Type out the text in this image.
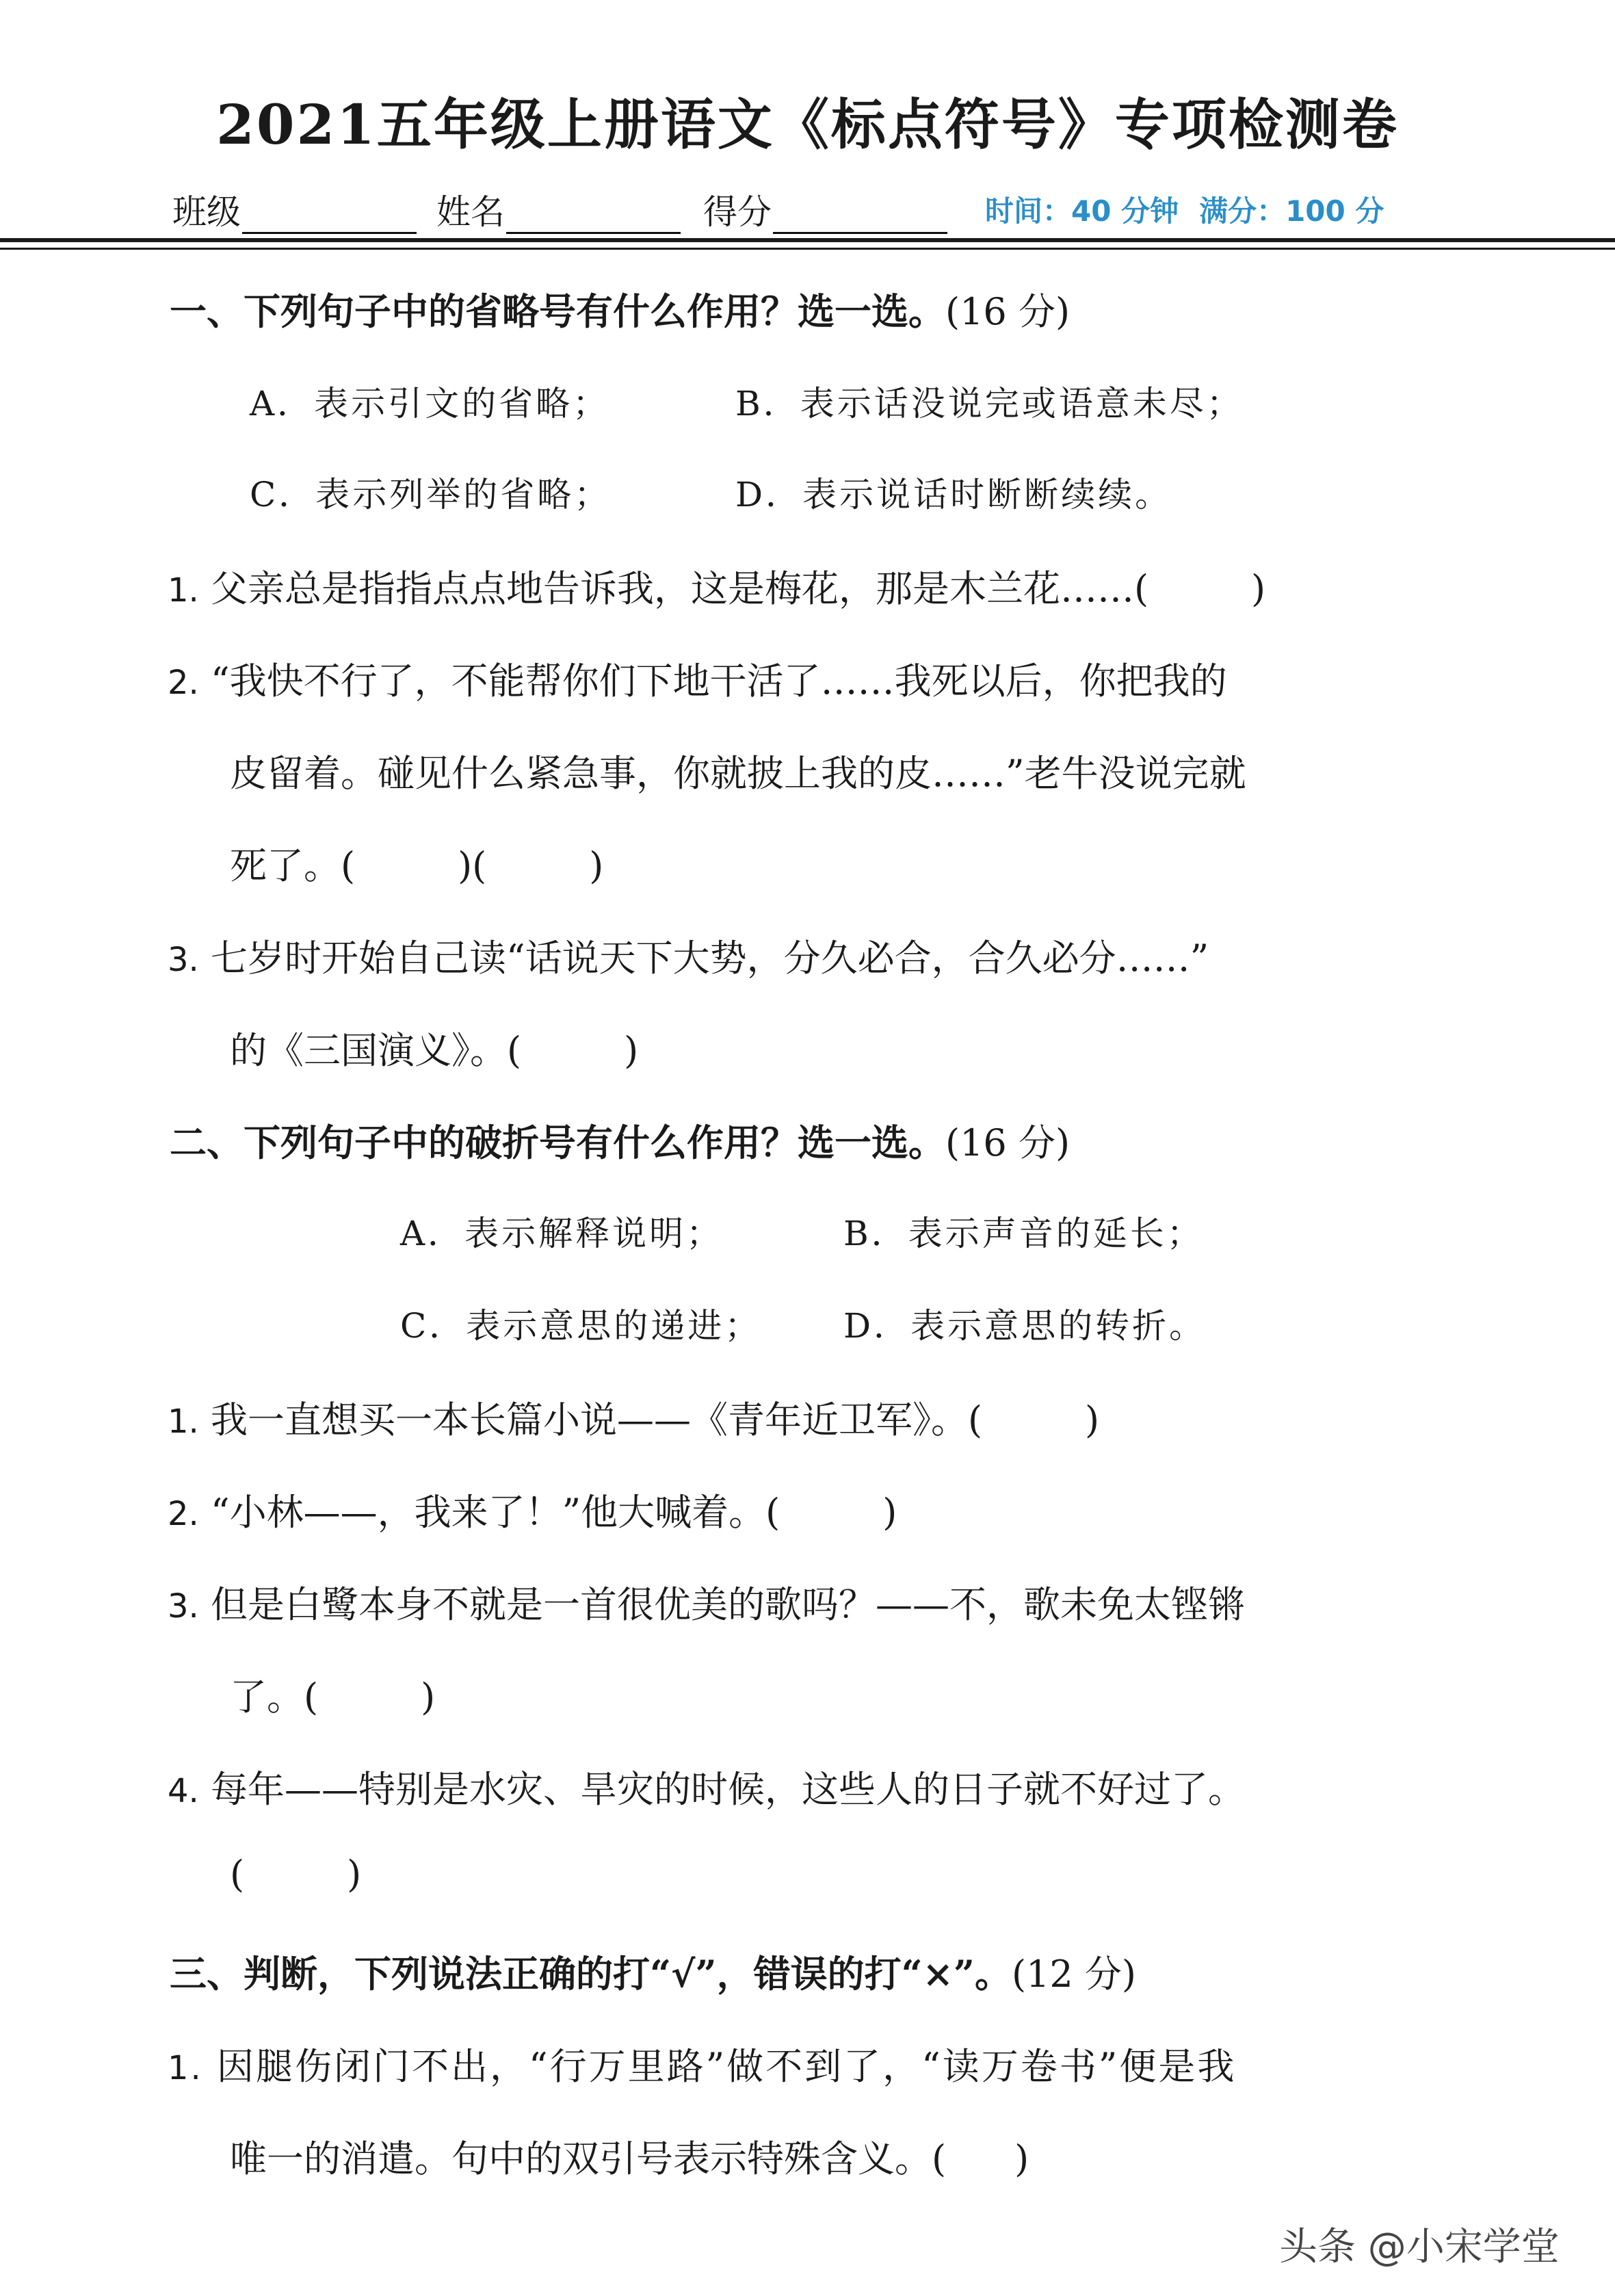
2021五年级上册语文《标点符号》专项检测卷
班级	姓名	得分	时间：40 分钟 满分：100 分
一、下列句子中的省略号有什么作用？选一选。(16 分)
A．表示引文的省略；	B．表示话没说完或语意未尽；
C．表示列举的省略；	D．表示说话时断断续续。
1. 父亲总是指指点点地告诉我，这是梅花，那是木兰花……(	)
2. “我快不行了，不能帮你们下地干活了……我死以后，你把我的
皮留着。碰见什么紧急事，你就披上我的皮……”老牛没说完就
死了。(	)(	)
3. 七岁时开始自己读“话说天下大势，分久必合，合久必分……”
的《三国演义》。(	)
二、下列句子中的破折号有什么作用？选一选。(16 分)
A．表示解释说明；	B．表示声音的延长；
C．表示意思的递进； D．表示意思的转折。
1. 我一直想买一本长篇小说——《青年近卫军》。(	)
2. “小林——，我来了！”他大喊着。(	)
3. 但是白鹭本身不就是一首很优美的歌吗？——不，歌未免太铿锵
了。(	)
4. 每年——特别是水灾、旱灾的时候，这些人的日子就不好过了。
(	)
三、判断，下列说法正确的打“√”，错误的打“×”。(12 分)
1. 因腿伤闭门不出，“行万里路”做不到了，“读万卷书”便是我
唯一的消遣。句中的双引号表示特殊含义。( )
头条 @小宋学堂
